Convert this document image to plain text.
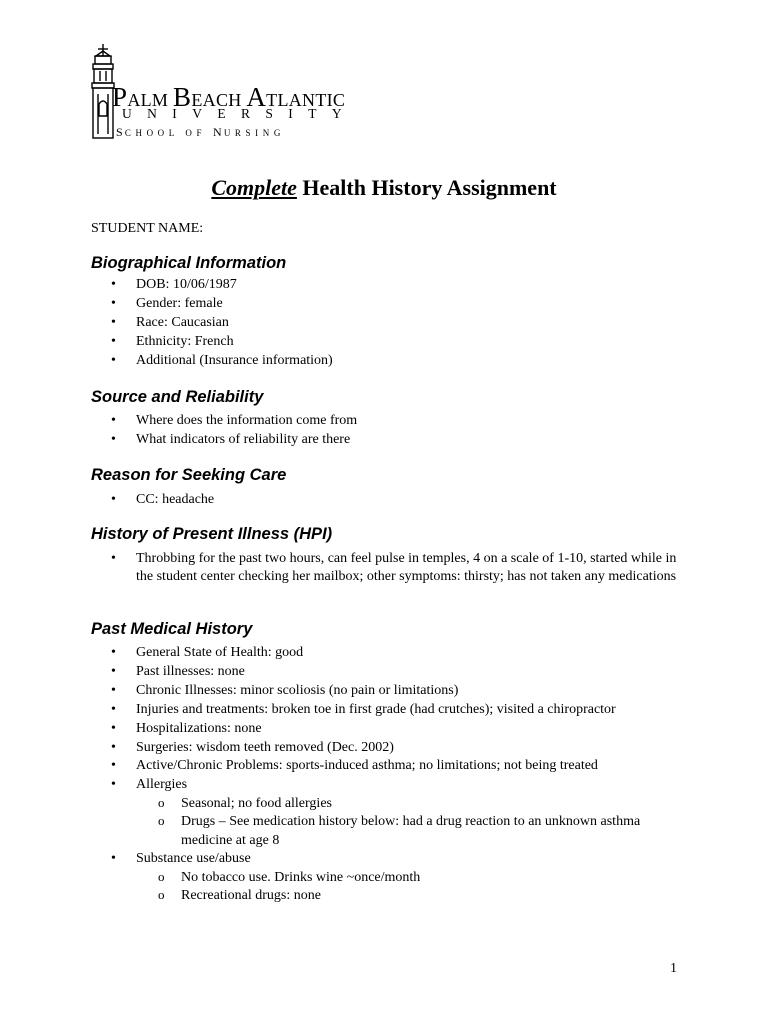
PALM BEACH ATLANTIC
UNIVERSITY
SCHOOL OF NURSING
Complete Health History Assignment
STUDENT NAME:
Biographical Information
• DOB: 10/06/1987
• Gender: female
• Race: Caucasian
• Ethnicity: French
• Additional (Insurance information)
Source and Reliability
• Where does the information come from
• What indicators of reliability are there
Reason for Seeking Care
• CC: headache
History of Present Illness (HPI)
• Throbbing for the past two hours, can feel pulse in temples, 4 on a scale of 1-10, started while in the student center checking her mailbox; other symptoms: thirsty; has not taken any medications
Past Medical History
• General State of Health: good
• Past illnesses: none
• Chronic Illnesses: minor scoliosis (no pain or limitations)
• Injuries and treatments: broken toe in first grade (had crutches); visited a chiropractor
• Hospitalizations: none
• Surgeries: wisdom teeth removed (Dec. 2002)
• Active/Chronic Problems: sports-induced asthma; no limitations; not being treated
• Allergies
o Seasonal; no food allergies
o Drugs – See medication history below: had a drug reaction to an unknown asthma medicine at age 8
• Substance use/abuse
o No tobacco use. Drinks wine ~once/month
o Recreational drugs: none
1
